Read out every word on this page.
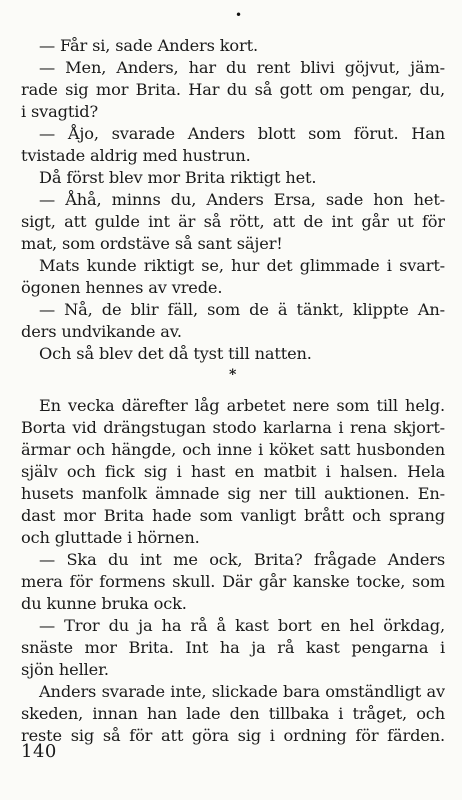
•
— Får si, sade Anders kort.
— Men, Anders, har du rent blivi göjvut, jäm-
rade sig mor Brita. Har du så gott om pengar, du,
i svagtid?
— Åjo, svarade Anders blott som förut. Han
tvistade aldrig med hustrun.
Då först blev mor Brita riktigt het.
— Åhå, minns du, Anders Ersa, sade hon het-
sigt, att gulde int är så rött, att de int går ut för
mat, som ordstäve så sant säjer!
Mats kunde riktigt se, hur det glimmade i svart-
ögonen hennes av vrede.
— Nå, de blir fäll, som de ä tänkt, klippte An-
ders undvikande av.
Och så blev det då tyst till natten.
*
En vecka därefter låg arbetet nere som till helg.
Borta vid drängstugan stodo karlarna i rena skjort-
ärmar och hängde, och inne i köket satt husbonden
själv och fick sig i hast en matbit i halsen. Hela
husets manfolk ämnade sig ner till auktionen. En-
dast mor Brita hade som vanligt brått och sprang
och gluttade i hörnen.
— Ska du int me ock, Brita? frågade Anders
mera för formens skull. Där går kanske tocke, som
du kunne bruka ock.
— Tror du ja ha rå å kast bort en hel örkdag,
snäste mor Brita. Int ha ja rå kast pengarna i
sjön heller.
Anders svarade inte, slickade bara omständligt av
skeden, innan han lade den tillbaka i tråget, och
reste sig så för att göra sig i ordning för färden.
140
